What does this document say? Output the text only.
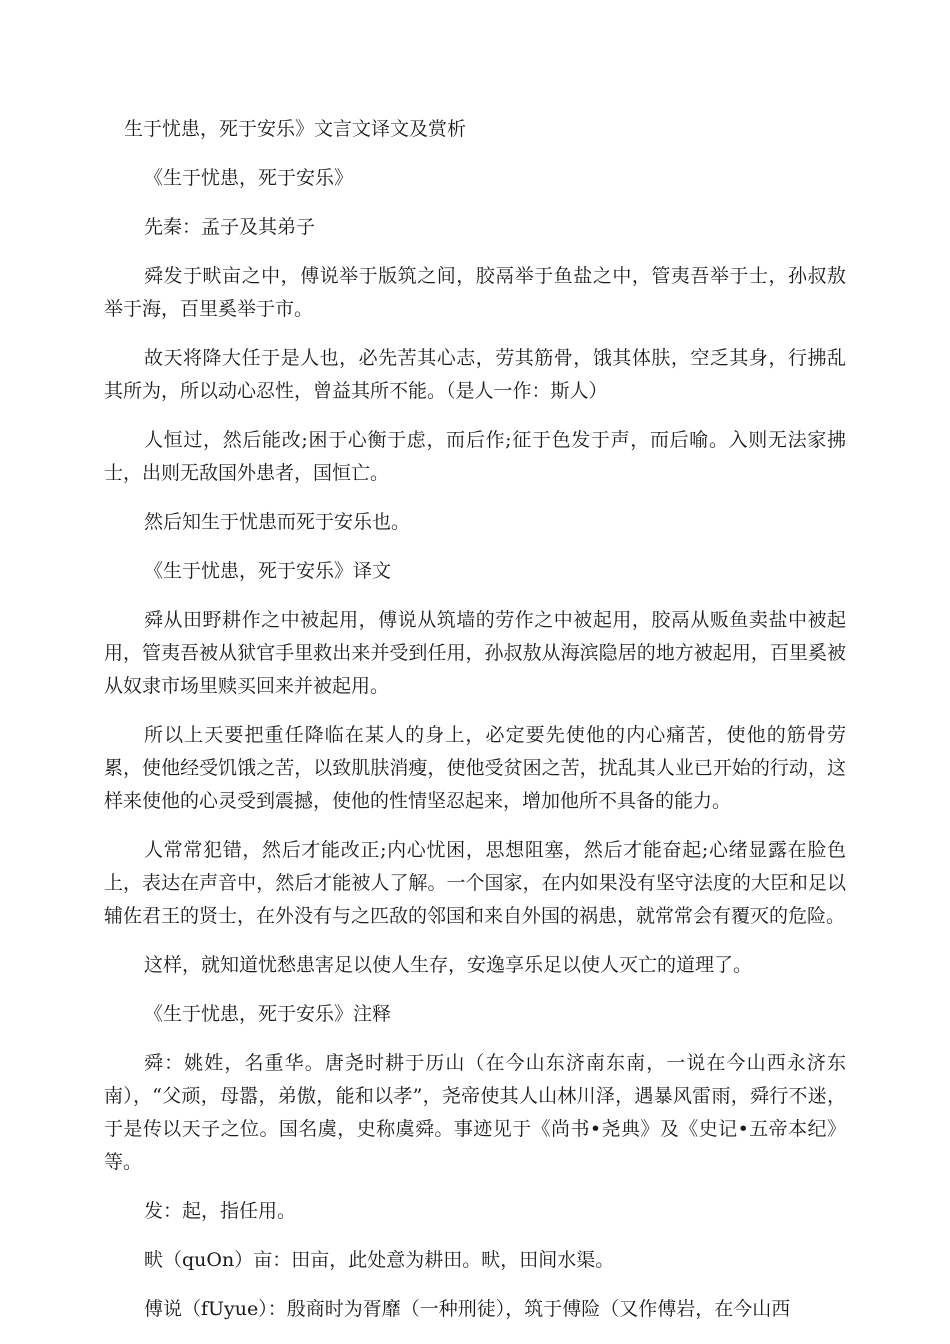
生于忧患，死于安乐》文言文译文及赏析

《生于忧患，死于安乐》

先秦：孟子及其弟子

舜发于畎亩之中，傅说举于版筑之间，胶鬲举于鱼盐之中，管夷吾举于士，孙叔敖举于海，百里奚举于市。

故天将降大任于是人也，必先苦其心志，劳其筋骨，饿其体肤，空乏其身，行拂乱其所为，所以动心忍性，曾益其所不能。（是人一作：斯人）

人恒过，然后能改;困于心衡于虑，而后作;征于色发于声，而后喻。入则无法家拂士，出则无敌国外患者，国恒亡。

然后知生于忧患而死于安乐也。

《生于忧患，死于安乐》译文

舜从田野耕作之中被起用，傅说从筑墙的劳作之中被起用，胶鬲从贩鱼卖盐中被起用，管夷吾被从狱官手里救出来并受到任用，孙叔敖从海滨隐居的地方被起用，百里奚被从奴隶市场里赎买回来并被起用。

所以上天要把重任降临在某人的身上，必定要先使他的内心痛苦，使他的筋骨劳累，使他经受饥饿之苦，以致肌肤消瘦，使他受贫困之苦，扰乱其人业已开始的行动，这样来使他的心灵受到震撼，使他的性情坚忍起来，增加他所不具备的能力。

人常常犯错，然后才能改正;内心忧困，思想阻塞，然后才能奋起;心绪显露在脸色上，表达在声音中，然后才能被人了解。一个国家，在内如果没有坚守法度的大臣和足以辅佐君王的贤士，在外没有与之匹敌的邻国和来自外国的祸患，就常常会有覆灭的危险。

这样，就知道忧愁患害足以使人生存，安逸享乐足以使人灭亡的道理了。

《生于忧患，死于安乐》注释

舜：姚姓，名重华。唐尧时耕于历山（在今山东济南东南，一说在今山西永济东南），“父顽，母嚣，弟傲，能和以孝”，尧帝使其人山林川泽，遇暴风雷雨，舜行不迷，于是传以天子之位。国名虞，史称虞舜。事迹见于《尚书•尧典》及《史记•五帝本纪》等。

发：起，指任用。

畎（quOn）亩：田亩，此处意为耕田。畎，田间水渠。

傅说（fUyue）：殷商时为胥靡（一种刑徒），筑于傅险（又作傅岩，在今山西
